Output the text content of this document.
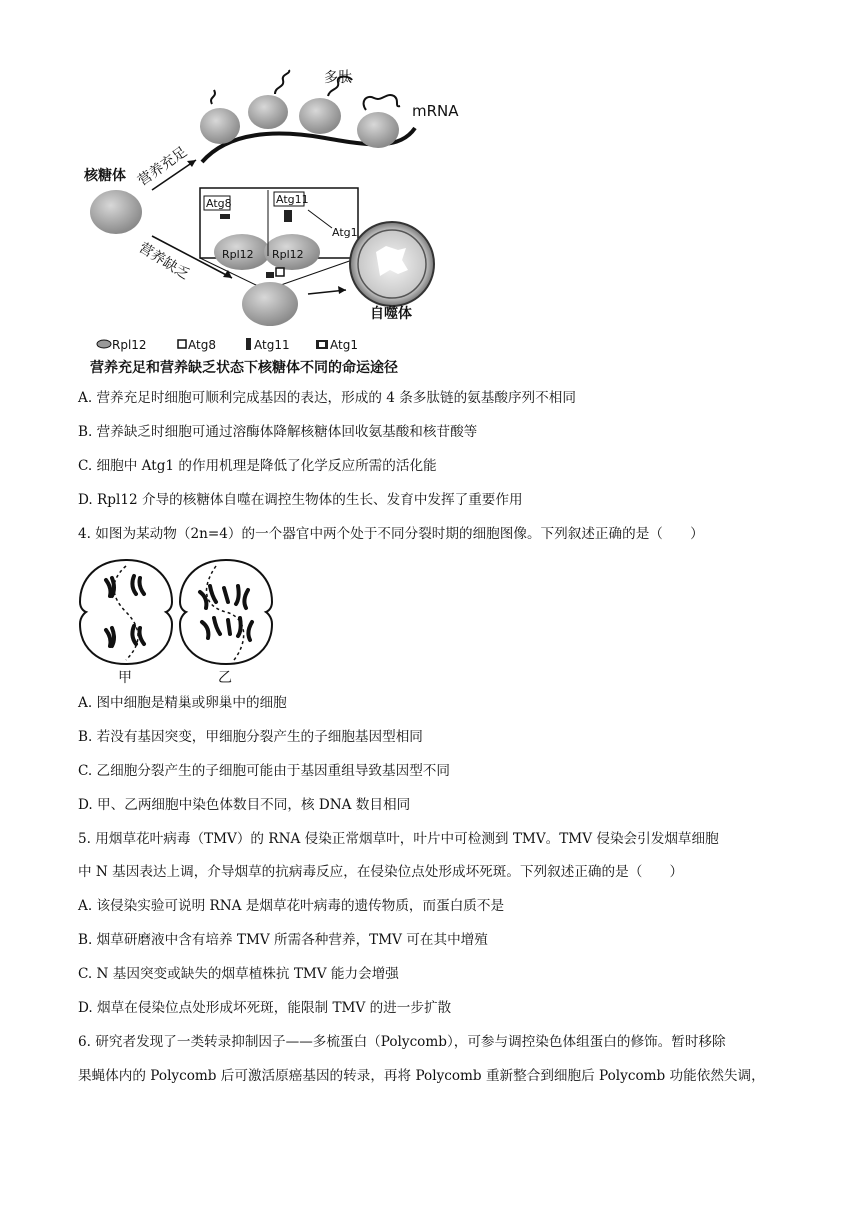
mRNA
多肽
核糖体 营养充足
营养缺乏
Atg8	Atg11
Atg1
Rpl12 Rpl12
自噬体
Rpl12	Atg8	Atg11	Atg1
营养充足和营养缺乏状态下核糖体不同的命运途径
A. 营养充足时细胞可顺利完成基因的表达，形成的 4 条多肽链的氨基酸序列不相同
B. 营养缺乏时细胞可通过溶酶体降解核糖体回收氨基酸和核苷酸等
C. 细胞中 Atg1 的作用机理是降低了化学反应所需的活化能
D. Rpl12 介导的核糖体自噬在调控生物体的生长、发育中发挥了重要作用
4. 如图为某动物（2n=4）的一个器官中两个处于不同分裂时期的细胞图像。下列叙述正确的是（　　）
甲	乙
A. 图中细胞是精巢或卵巢中的细胞
B. 若没有基因突变，甲细胞分裂产生的子细胞基因型相同
C. 乙细胞分裂产生的子细胞可能由于基因重组导致基因型不同
D. 甲、乙两细胞中染色体数目不同，核 DNA 数目相同
5. 用烟草花叶病毒（TMV）的 RNA 侵染正常烟草叶，叶片中可检测到 TMV。TMV 侵染会引发烟草细胞
中 N 基因表达上调，介导烟草的抗病毒反应，在侵染位点处形成坏死斑。下列叙述正确的是（　　）
A. 该侵染实验可说明 RNA 是烟草花叶病毒的遗传物质，而蛋白质不是
B. 烟草研磨液中含有培养 TMV 所需各种营养，TMV 可在其中增殖
C. N 基因突变或缺失的烟草植株抗 TMV 能力会增强
D. 烟草在侵染位点处形成坏死斑，能限制 TMV 的进一步扩散
6. 研究者发现了一类转录抑制因子——多梳蛋白（Polycomb），可参与调控染色体组蛋白的修饰。暂时移除
果蝇体内的 Polycomb 后可激活原癌基因的转录，再将 Polycomb 重新整合到细胞后 Polycomb 功能依然失调，
